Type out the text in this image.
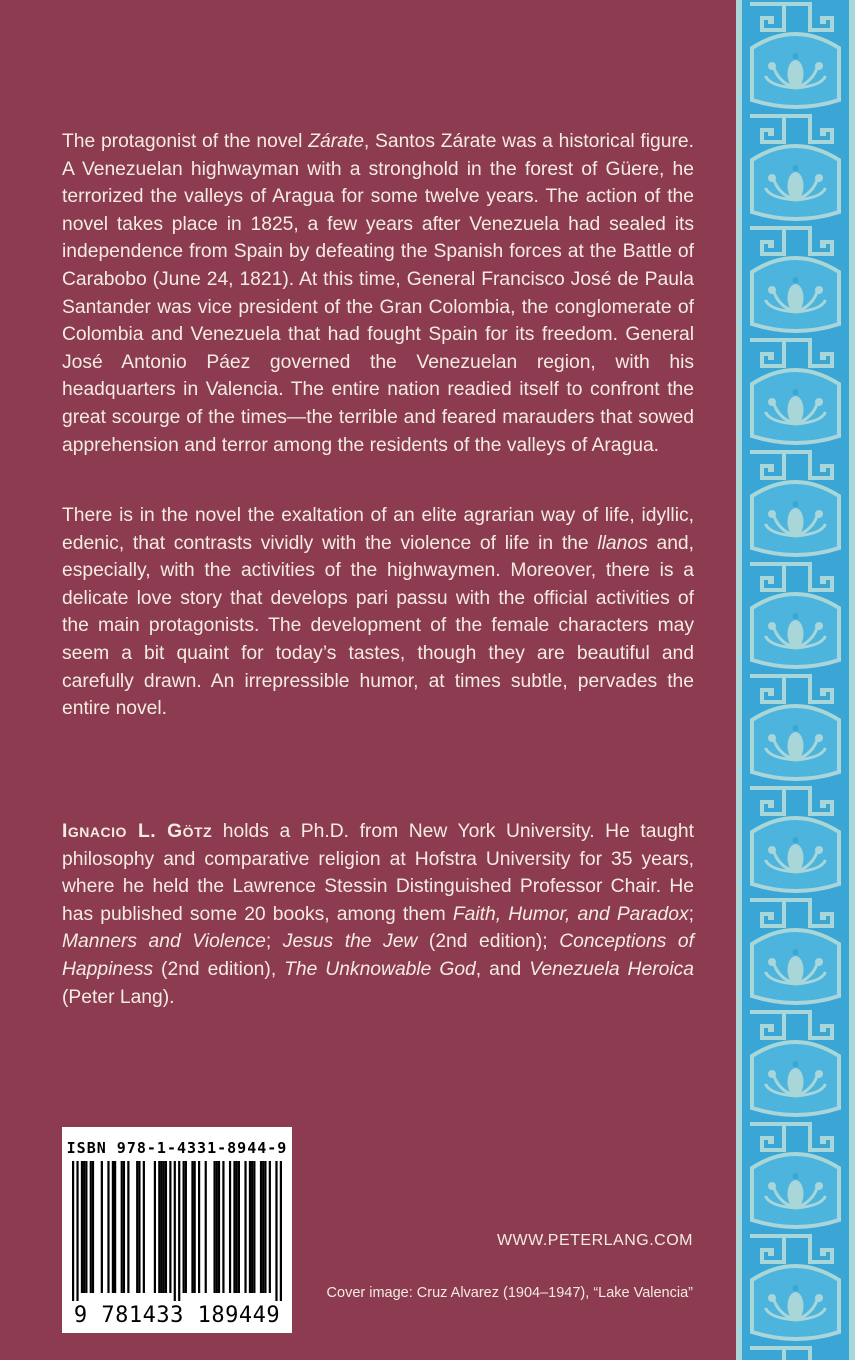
The protagonist of the novel Zárate, Santos Zárate was a historical figure. A Venezuelan highwayman with a stronghold in the forest of Güere, he terrorized the valleys of Aragua for some twelve years. The action of the novel takes place in 1825, a few years after Venezuela had sealed its independence from Spain by defeating the Spanish forces at the Battle of Carabobo (June 24, 1821). At this time, General Francisco José de Paula Santander was vice president of the Gran Colombia, the conglomerate of Colombia and Venezuela that had fought Spain for its freedom. General José Antonio Páez governed the Venezuelan region, with his headquarters in Valencia. The entire nation readied itself to confront the great scourge of the times—the terrible and feared marauders that sowed apprehension and terror among the residents of the valleys of Aragua.

There is in the novel the exaltation of an elite agrarian way of life, idyllic, edenic, that contrasts vividly with the violence of life in the llanos and, especially, with the activities of the highwaymen. Moreover, there is a delicate love story that develops pari passu with the official activities of the main protagonists. The development of the female characters may seem a bit quaint for today’s tastes, though they are beautiful and carefully drawn. An irrepressible humor, at times subtle, pervades the entire novel.

Ignacio L. Götz holds a Ph.D. from New York University. He taught philosophy and comparative religion at Hofstra University for 35 years, where he held the Lawrence Stessin Distinguished Professor Chair. He has published some 20 books, among them Faith, Humor, and Paradox; Manners and Violence; Jesus the Jew (2nd edition); Conceptions of Happiness (2nd edition), The Unknowable God, and Venezuela Heroica (Peter Lang).

ISBN 978-1-4331-8944-9
9 781433 189449
WWW.PETERLANG.COM
Cover image: Cruz Alvarez (1904–1947), “Lake Valencia”
